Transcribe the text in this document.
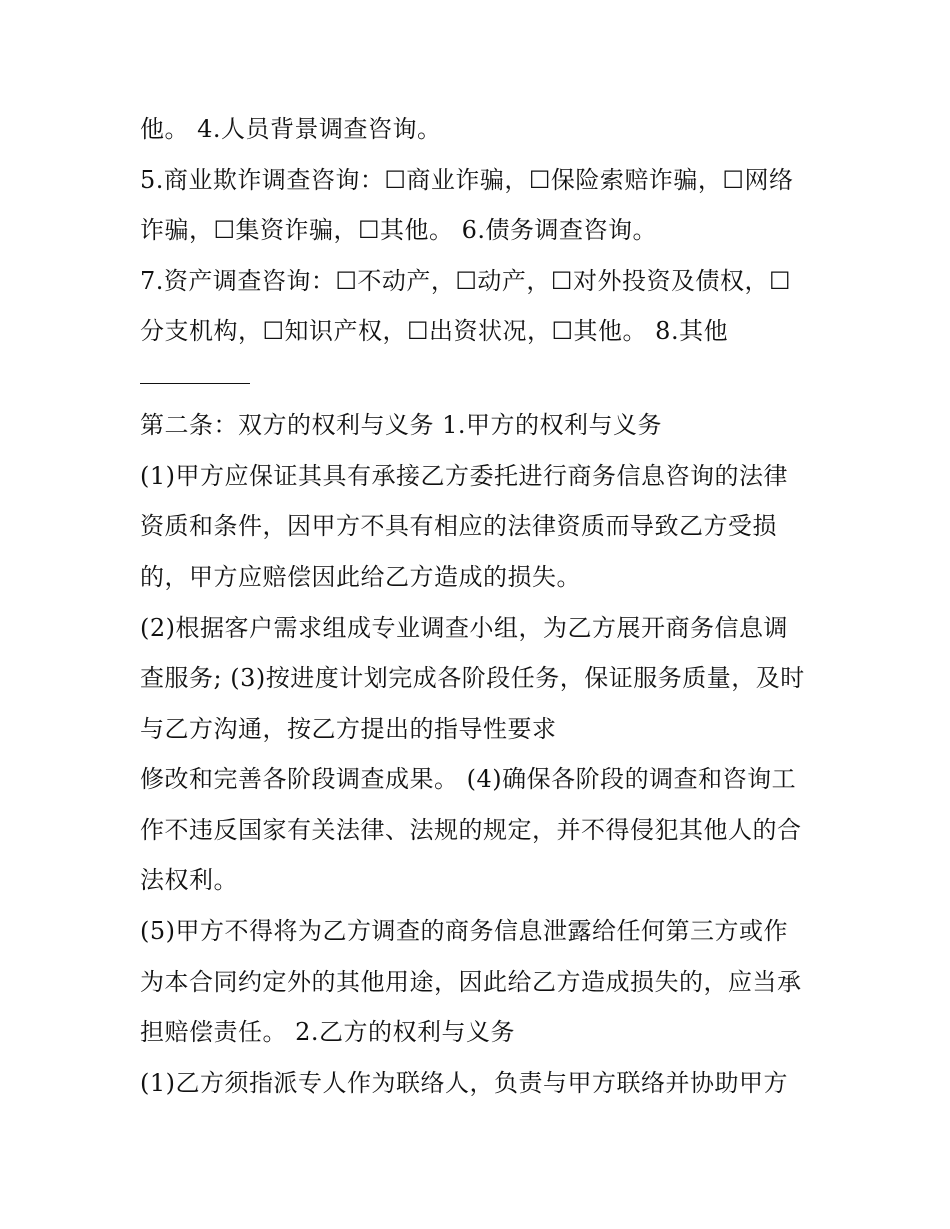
他。 4.人员背景调查咨询。
5.商业欺诈调查咨询：☐商业诈骗，☐保险索赔诈骗，☐网络
诈骗，☐集资诈骗，☐其他。 6.债务调查咨询。
7.资产调查咨询：☐不动产，☐动产，☐对外投资及债权，☐
分支机构，☐知识产权，☐出资状况，☐其他。 8.其他
第二条：双方的权利与义务 1.甲方的权利与义务
(1)甲方应保证其具有承接乙方委托进行商务信息咨询的法律
资质和条件，因甲方不具有相应的法律资质而导致乙方受损
的，甲方应赔偿因此给乙方造成的损失。
(2)根据客户需求组成专业调查小组，为乙方展开商务信息调
查服务; (3)按进度计划完成各阶段任务，保证服务质量，及时
与乙方沟通，按乙方提出的指导性要求
修改和完善各阶段调查成果。 (4)确保各阶段的调查和咨询工
作不违反国家有关法律、法规的规定，并不得侵犯其他人的合
法权利。
(5)甲方不得将为乙方调查的商务信息泄露给任何第三方或作
为本合同约定外的其他用途，因此给乙方造成损失的，应当承
担赔偿责任。 2.乙方的权利与义务
(1)乙方须指派专人作为联络人，负责与甲方联络并协助甲方
